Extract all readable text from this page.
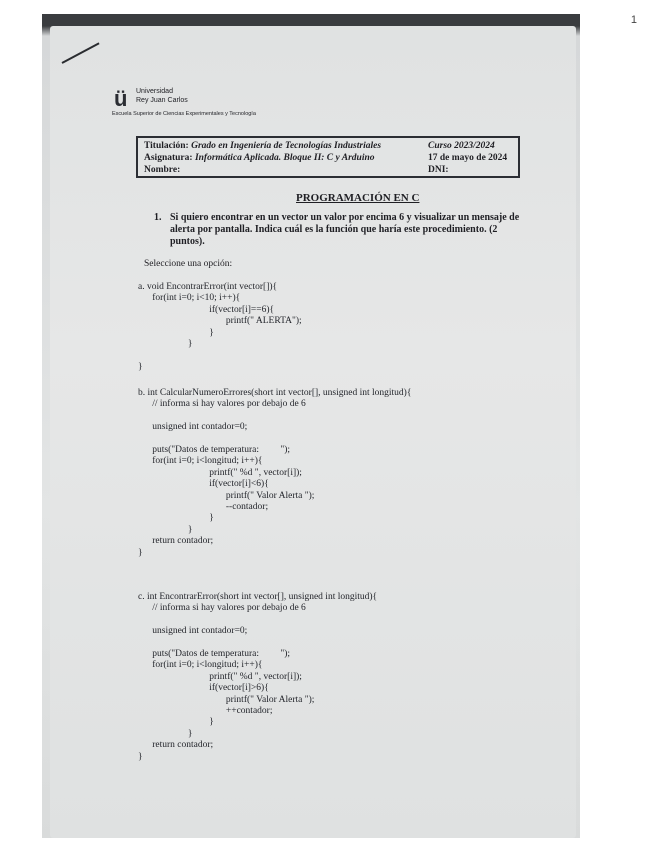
1
ü Universidad
Rey Juan Carlos
Escuela Superior de Ciencias Experimentales y Tecnología
Titulación: Grado en Ingeniería de Tecnologías Industriales	Curso 2023/2024
Asignatura: Informática Aplicada. Bloque II: C y Arduino	17 de mayo de 2024
Nombre:	DNI:
PROGRAMACIÓN EN C
1. Si quiero encontrar en un vector un valor por encima 6 y visualizar un mensaje de alerta por pantalla. Indica cuál es la función que haría este procedimiento. (2 puntos).
Seleccione una opción:
a. void EncontrarError(int vector[]){
for(int i=0; i<10; i++){
if(vector[i]==6){
printf(" ALERTA");
}
}

}
b. int CalcularNumeroErrores(short int vector[], unsigned int longitud){
// informa si hay valores por debajo de 6

unsigned int contador=0;

puts("Datos de temperatura:         ");
for(int i=0; i<longitud; i++){
printf(" %d ", vector[i]);
if(vector[i]<6){
printf(" Valor Alerta ");
--contador;
}
}
return contador;
}
c. int EncontrarError(short int vector[], unsigned int longitud){
// informa si hay valores por debajo de 6

unsigned int contador=0;

puts("Datos de temperatura:         ");
for(int i=0; i<longitud; i++){
printf(" %d ", vector[i]);
if(vector[i]>6){
printf(" Valor Alerta ");
++contador;
}
}
return contador;
}
